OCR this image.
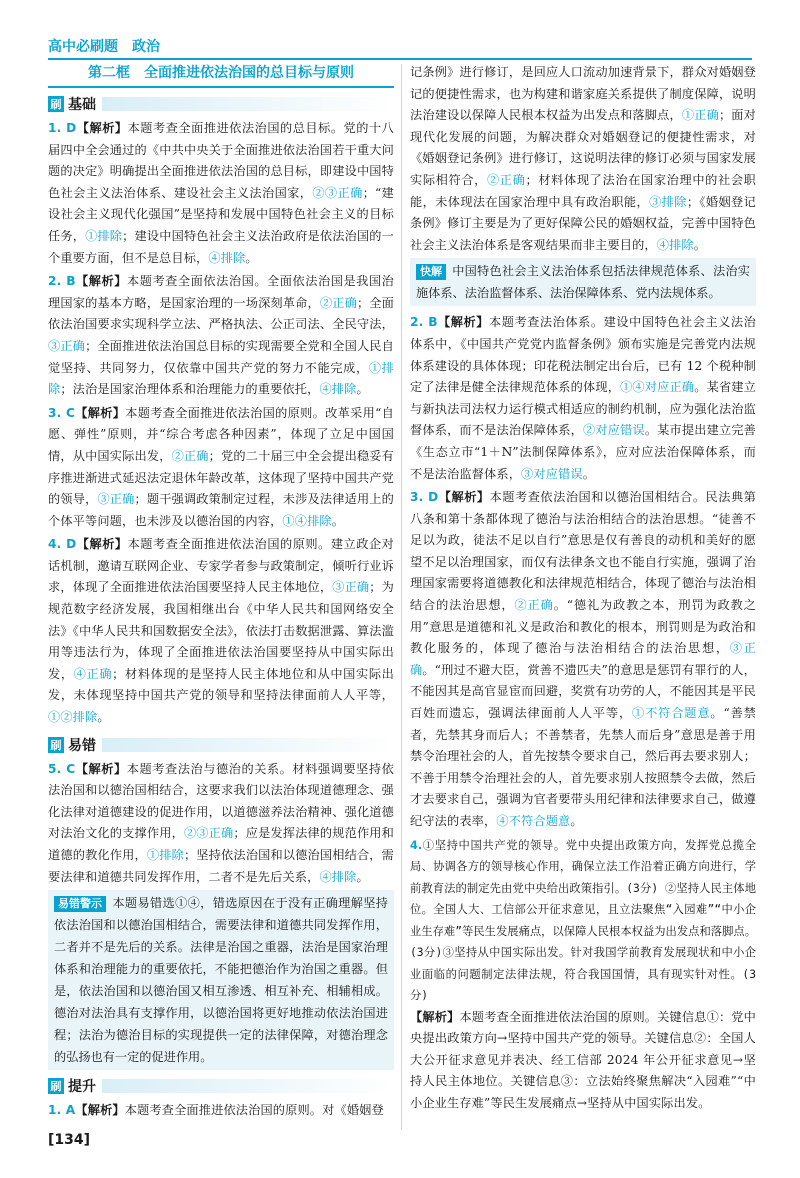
高中必刷题　政治
第二框　全面推进依法治国的总目标与原则
刷 基础

1. D【解析】本题考查全面推进依法治国的总目标。党的十八届四中全会通过的《中共中央关于全面推进依法治国若干重大问题的决定》明确提出全面推进依法治国的总目标，即建设中国特色社会主义法治体系、建设社会主义法治国家，②③正确；“建设社会主义现代化强国”是坚持和发展中国特色社会主义的目标任务，①排除；建设中国特色社会主义法治政府是依法治国的一个重要方面，但不是总目标，④排除。

2. B【解析】本题考查全面依法治国。全面依法治国是我国治理国家的基本方略，是国家治理的一场深刻革命，②正确；全面依法治国要求实现科学立法、严格执法、公正司法、全民守法，③正确；全面推进依法治国总目标的实现需要全党和全国人民自觉坚持、共同努力，仅依靠中国共产党的努力不能完成，①排除；法治是国家治理体系和治理能力的重要依托，④排除。

3. C【解析】本题考查全面推进依法治国的原则。改革采用“自愿、弹性”原则，并“综合考虑各种因素”，体现了立足中国国情，从中国实际出发，②正确；党的二十届三中全会提出稳妥有序推进渐进式延迟法定退休年龄改革，这体现了坚持中国共产党的领导，③正确；题干强调政策制定过程，未涉及法律适用上的个体平等问题，也未涉及以德治国的内容，①④排除。

4. D【解析】本题考查全面推进依法治国的原则。建立政企对话机制，邀请互联网企业、专家学者参与政策制定，倾听行业诉求，体现了全面推进依法治国要坚持人民主体地位，③正确；为规范数字经济发展，我国相继出台《中华人民共和国网络安全法》《中华人民共和国数据安全法》，依法打击数据泄露、算法滥用等违法行为，体现了全面推进依法治国要坚持从中国实际出发，④正确；材料体现的是坚持人民主体地位和从中国实际出发，未体现坚持中国共产党的领导和坚持法律面前人人平等，①②排除。

刷 易错

5. C【解析】本题考查法治与德治的关系。材料强调要坚持依法治国和以德治国相结合，这要求我们以法治体现道德理念、强化法律对道德建设的促进作用，以道德滋养法治精神、强化道德对法治文化的支撑作用，②③正确；应是发挥法律的规范作用和道德的教化作用，①排除；坚持依法治国和以德治国相结合，需要法律和道德共同发挥作用，二者不是先后关系，④排除。

易错警示 本题易错选①④，错选原因在于没有正确理解坚持依法治国和以德治国相结合，需要法律和道德共同发挥作用，二者并不是先后的关系。法律是治国之重器，法治是国家治理体系和治理能力的重要依托，不能把德治作为治国之重器。但是，依法治国和以德治国又相互渗透、相互补充、相辅相成。德治对法治具有支撑作用，以德治国将更好地推动依法治国进程；法治为德治目标的实现提供一定的法律保障，对德治理念的弘扬也有一定的促进作用。

刷 提升

1. A【解析】本题考查全面推进依法治国的原则。对《婚姻登

记条例》进行修订，是回应人口流动加速背景下，群众对婚姻登记的便捷性需求，也为构建和谐家庭关系提供了制度保障，说明法治建设以保障人民根本权益为出发点和落脚点，①正确；面对现代化发展的问题，为解决群众对婚姻登记的便捷性需求，对《婚姻登记条例》进行修订，这说明法律的修订必须与国家发展实际相符合，②正确；材料体现了法治在国家治理中的社会职能，未体现法在国家治理中具有政治职能，③排除；《婚姻登记条例》修订主要是为了更好保障公民的婚姻权益，完善中国特色社会主义法治体系是客观结果而非主要目的，④排除。

快解 中国特色社会主义法治体系包括法律规范体系、法治实施体系、法治监督体系、法治保障体系、党内法规体系。

2. B【解析】本题考查法治体系。建设中国特色社会主义法治体系中，《中国共产党党内监督条例》颁布实施是完善党内法规体系建设的具体体现；印花税法制定出台后，已有 12 个税种制定了法律是健全法律规范体系的体现，①④对应正确。某省建立与新执法司法权力运行模式相适应的制约机制，应为强化法治监督体系，而不是法治保障体系，②对应错误。某市提出建立完善《生态立市“1＋N”法制保障体系》，应对应法治保障体系，而不是法治监督体系，③对应错误。

3. D【解析】本题考查依法治国和以德治国相结合。民法典第八条和第十条都体现了德治与法治相结合的法治思想。“徒善不足以为政，徒法不足以自行”意思是仅有善良的动机和美好的愿望不足以治理国家，而仅有法律条文也不能自行实施，强调了治理国家需要将道德教化和法律规范相结合，体现了德治与法治相结合的法治思想，②正确。“德礼为政教之本，刑罚为政教之用”意思是道德和礼义是政治和教化的根本，刑罚则是为政治和教化服务的，体现了德治与法治相结合的法治思想，③正确。“刑过不避大臣，赏善不遗匹夫”的意思是惩罚有罪行的人，不能因其是高官显宦而回避，奖赏有功劳的人，不能因其是平民百姓而遗忘，强调法律面前人人平等，①不符合题意。“善禁者，先禁其身而后人；不善禁者，先禁人而后身”意思是善于用禁令治理社会的人，首先按禁令要求自己，然后再去要求别人；不善于用禁令治理社会的人，首先要求别人按照禁令去做，然后才去要求自己，强调为官者要带头用纪律和法律要求自己，做遵纪守法的表率，④不符合题意。

4.①坚持中国共产党的领导。党中央提出政策方向，发挥党总揽全局、协调各方的领导核心作用，确保立法工作沿着正确方向进行，学前教育法的制定先由党中央给出政策指引。(3分) ②坚持人民主体地位。全国人大、工信部公开征求意见，且立法聚焦“入园难”“中小企业生存难”等民生发展痛点，以保障人民根本权益为出发点和落脚点。(3分)③坚持从中国实际出发。针对我国学前教育发展现状和中小企业面临的问题制定法律法规，符合我国国情，具有现实针对性。(3分)

【解析】本题考查全面推进依法治国的原则。关键信息①：党中央提出政策方向→坚持中国共产党的领导。关键信息②：全国人大公开征求意见并表决、经工信部 2024 年公开征求意见→坚持人民主体地位。关键信息③：立法始终聚焦解决“入园难”“中小企业生存难”等民生发展痛点→坚持从中国实际出发。

[134]
